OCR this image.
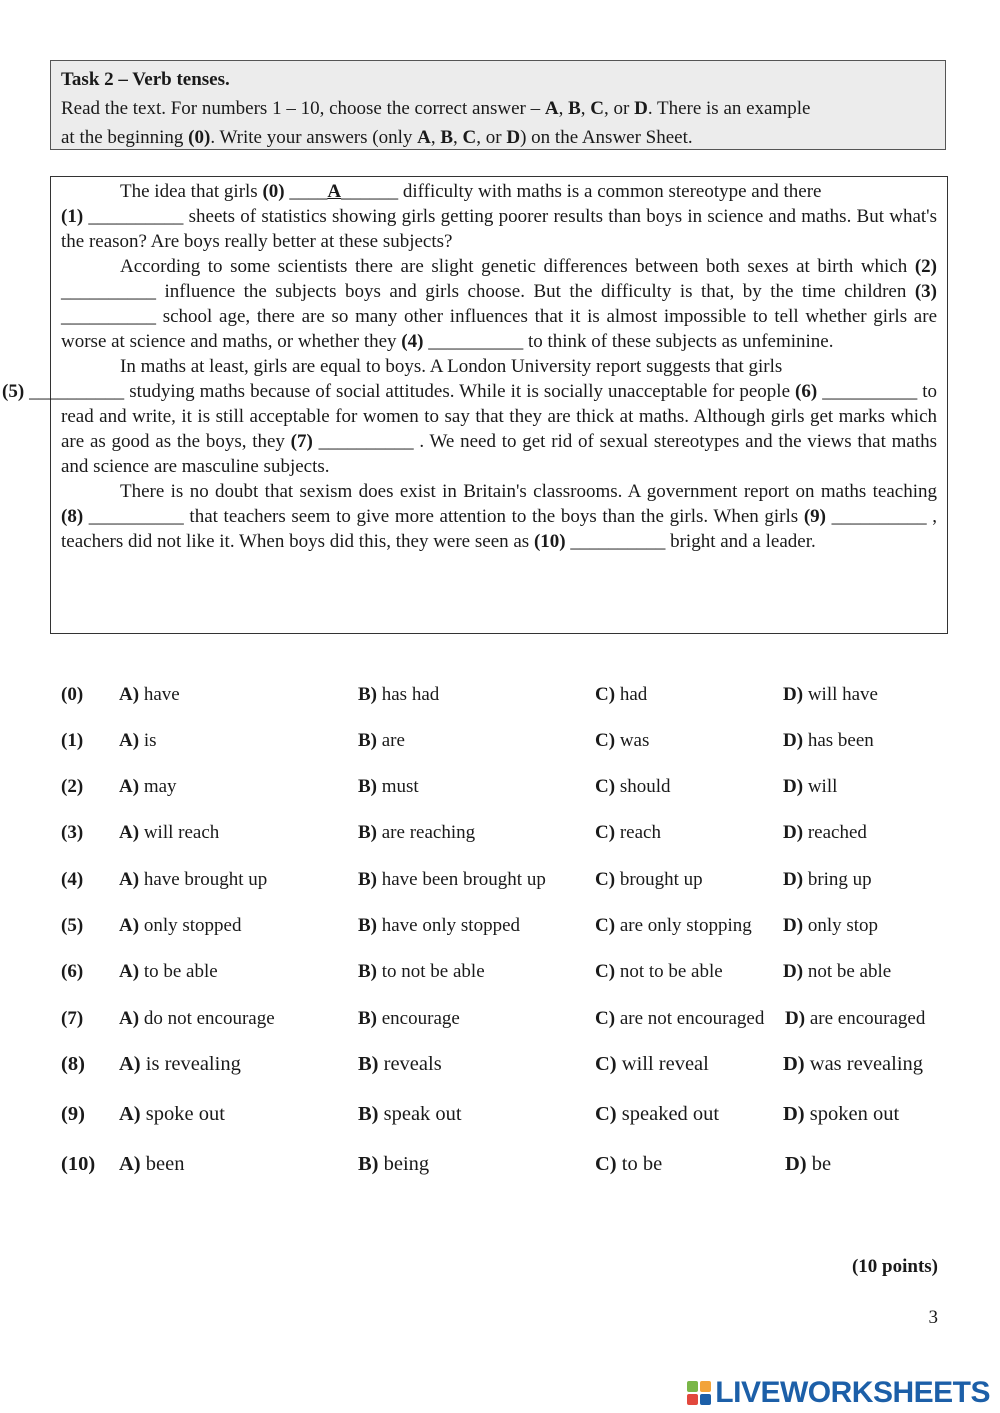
Task 2 – Verb tenses.
Read the text. For numbers 1 – 10, choose the correct answer – A, B, C, or D. There is an example
at the beginning (0). Write your answers (only A, B, C, or D) on the Answer Sheet.

The idea that girls (0) ____A______ difficulty with maths is a common stereotype and there
(1) __________ sheets of statistics showing girls getting poorer results than boys in science and maths. But what's the reason? Are boys really better at these subjects?

According to some scientists there are slight genetic differences between both sexes at birth which (2) __________ influence the subjects boys and girls choose. But the difficulty is that, by the time children (3) __________ school age, there are so many other influences that it is almost impossible to tell whether girls are worse at science and maths, or whether they (4) __________ to think of these subjects as unfeminine.

In maths at least, girls are equal to boys. A London University report suggests that girls
(5) __________ studying maths because of social attitudes. While it is socially unacceptable for people (6) __________ to read and write, it is still acceptable for women to say that they are thick at maths. Although girls get marks which are as good as the boys, they (7) __________ . We need to get rid of sexual stereotypes and the views that maths and science are masculine subjects.

There is no doubt that sexism does exist in Britain's classrooms. A government report on maths teaching (8) __________ that teachers seem to give more attention to the boys than the girls. When girls (9) __________ , teachers did not like it. When boys did this, they were seen as (10) __________ bright and a leader.

(0) A) have	B) has had	C) had	D) will have
(1) A) is	B) are	C) was	D) has been
(2) A) may	B) must	C) should	D) will
(3) A) will reach	B) are reaching	C) reach	D) reached
(4) A) have brought up	B) have been brought up	C) brought up	D) bring up
(5) A) only stopped	B) have only stopped	C) are only stopping D) only stop
(6) A) to be able	B) to not be able	C) not to be able	D) not be able
(7) A) do not encourage	B) encourage	C) are not encouraged D) are encouraged
(8) A) is revealing	B) reveals	C) will reveal	D) was revealing
(9) A) spoke out	B) speak out	C) speaked out	D) spoken out
(10) A) been	B) being	C) to be	D) be
(10 points)
3
LIVEWORKSHEETS
